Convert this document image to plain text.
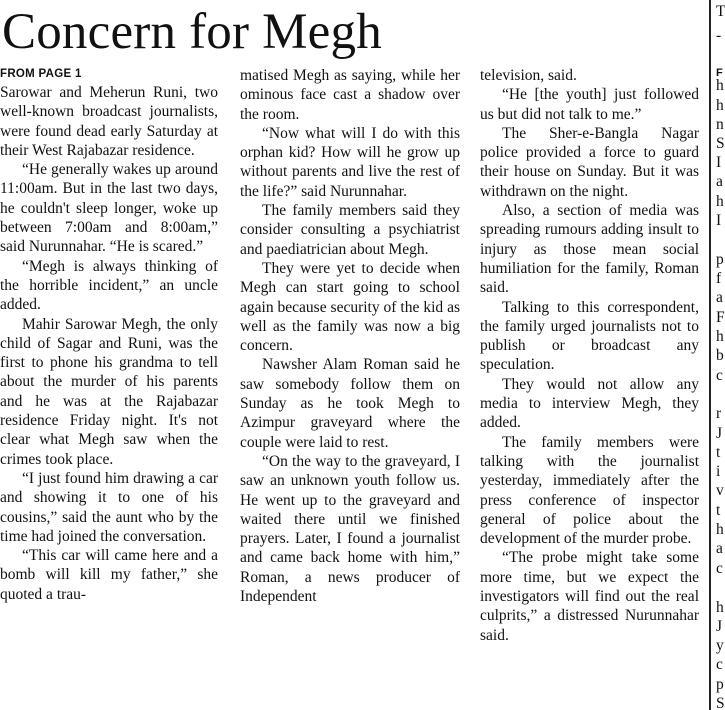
Concern for Megh
FROM PAGE 1

Sarowar and Meherun Runi, two well-known broadcast journalists, were found dead early Saturday at their West Rajabazar residence.

“He generally wakes up around 11:00am. But in the last two days, he couldn't sleep longer, woke up between 7:00am and 8:00am,” said Nurunnahar. “He is scared.”

“Megh is always thinking of the horrible incident,” an uncle added.

Mahir Sarowar Megh, the only child of Sagar and Runi, was the first to phone his grandma to tell about the murder of his parents and he was at the Rajabazar residence Friday night. It's not clear what Megh saw when the crimes took place.

“I just found him drawing a car and showing it to one of his cousins,” said the aunt who by the time had joined the conversation.

“This car will came here and a bomb will kill my father,” she quoted a trau-

matised Megh as saying, while her ominous face cast a shadow over the room.

“Now what will I do with this orphan kid? How will he grow up without parents and live the rest of the life?” said Nurunnahar.

The family members said they consider consulting a psychiatrist and paediatrician about Megh.

They were yet to decide when Megh can start going to school again because security of the kid as well as the family was now a big concern.

Nawsher Alam Roman said he saw somebody follow them on Sunday as he took Megh to Azimpur graveyard where the couple were laid to rest.

“On the way to the graveyard, I saw an unknown youth follow us. He went up to the graveyard and waited there until we finished prayers. Later, I found a journalist and came back home with him,” Roman, a news producer of Independent

television, said.

“He [the youth] just followed us but did not talk to me.”

The Sher-e-Bangla Nagar police provided a force to guard their house on Sunday. But it was withdrawn on the night.

Also, a section of media was spreading rumours adding insult to injury as those mean social humiliation for the family, Roman said.

Talking to this correspondent, the family urged journalists not to publish or broadcast any speculation.

They would not allow any media to interview Megh, they added.

The family members were talking with the journalist yesterday, immediately after the press conference of inspector general of police about the development of the murder probe.

“The probe might take some more time, but we expect the investigators will find out the real culprits,” a distressed Nurunnahar said.

T
-
F
h
h
n
S
I
a
h
I
p
f
a
F
h
b
c
r
J
t
i
v
t
h
a
c
h
J
y
c
p
S
